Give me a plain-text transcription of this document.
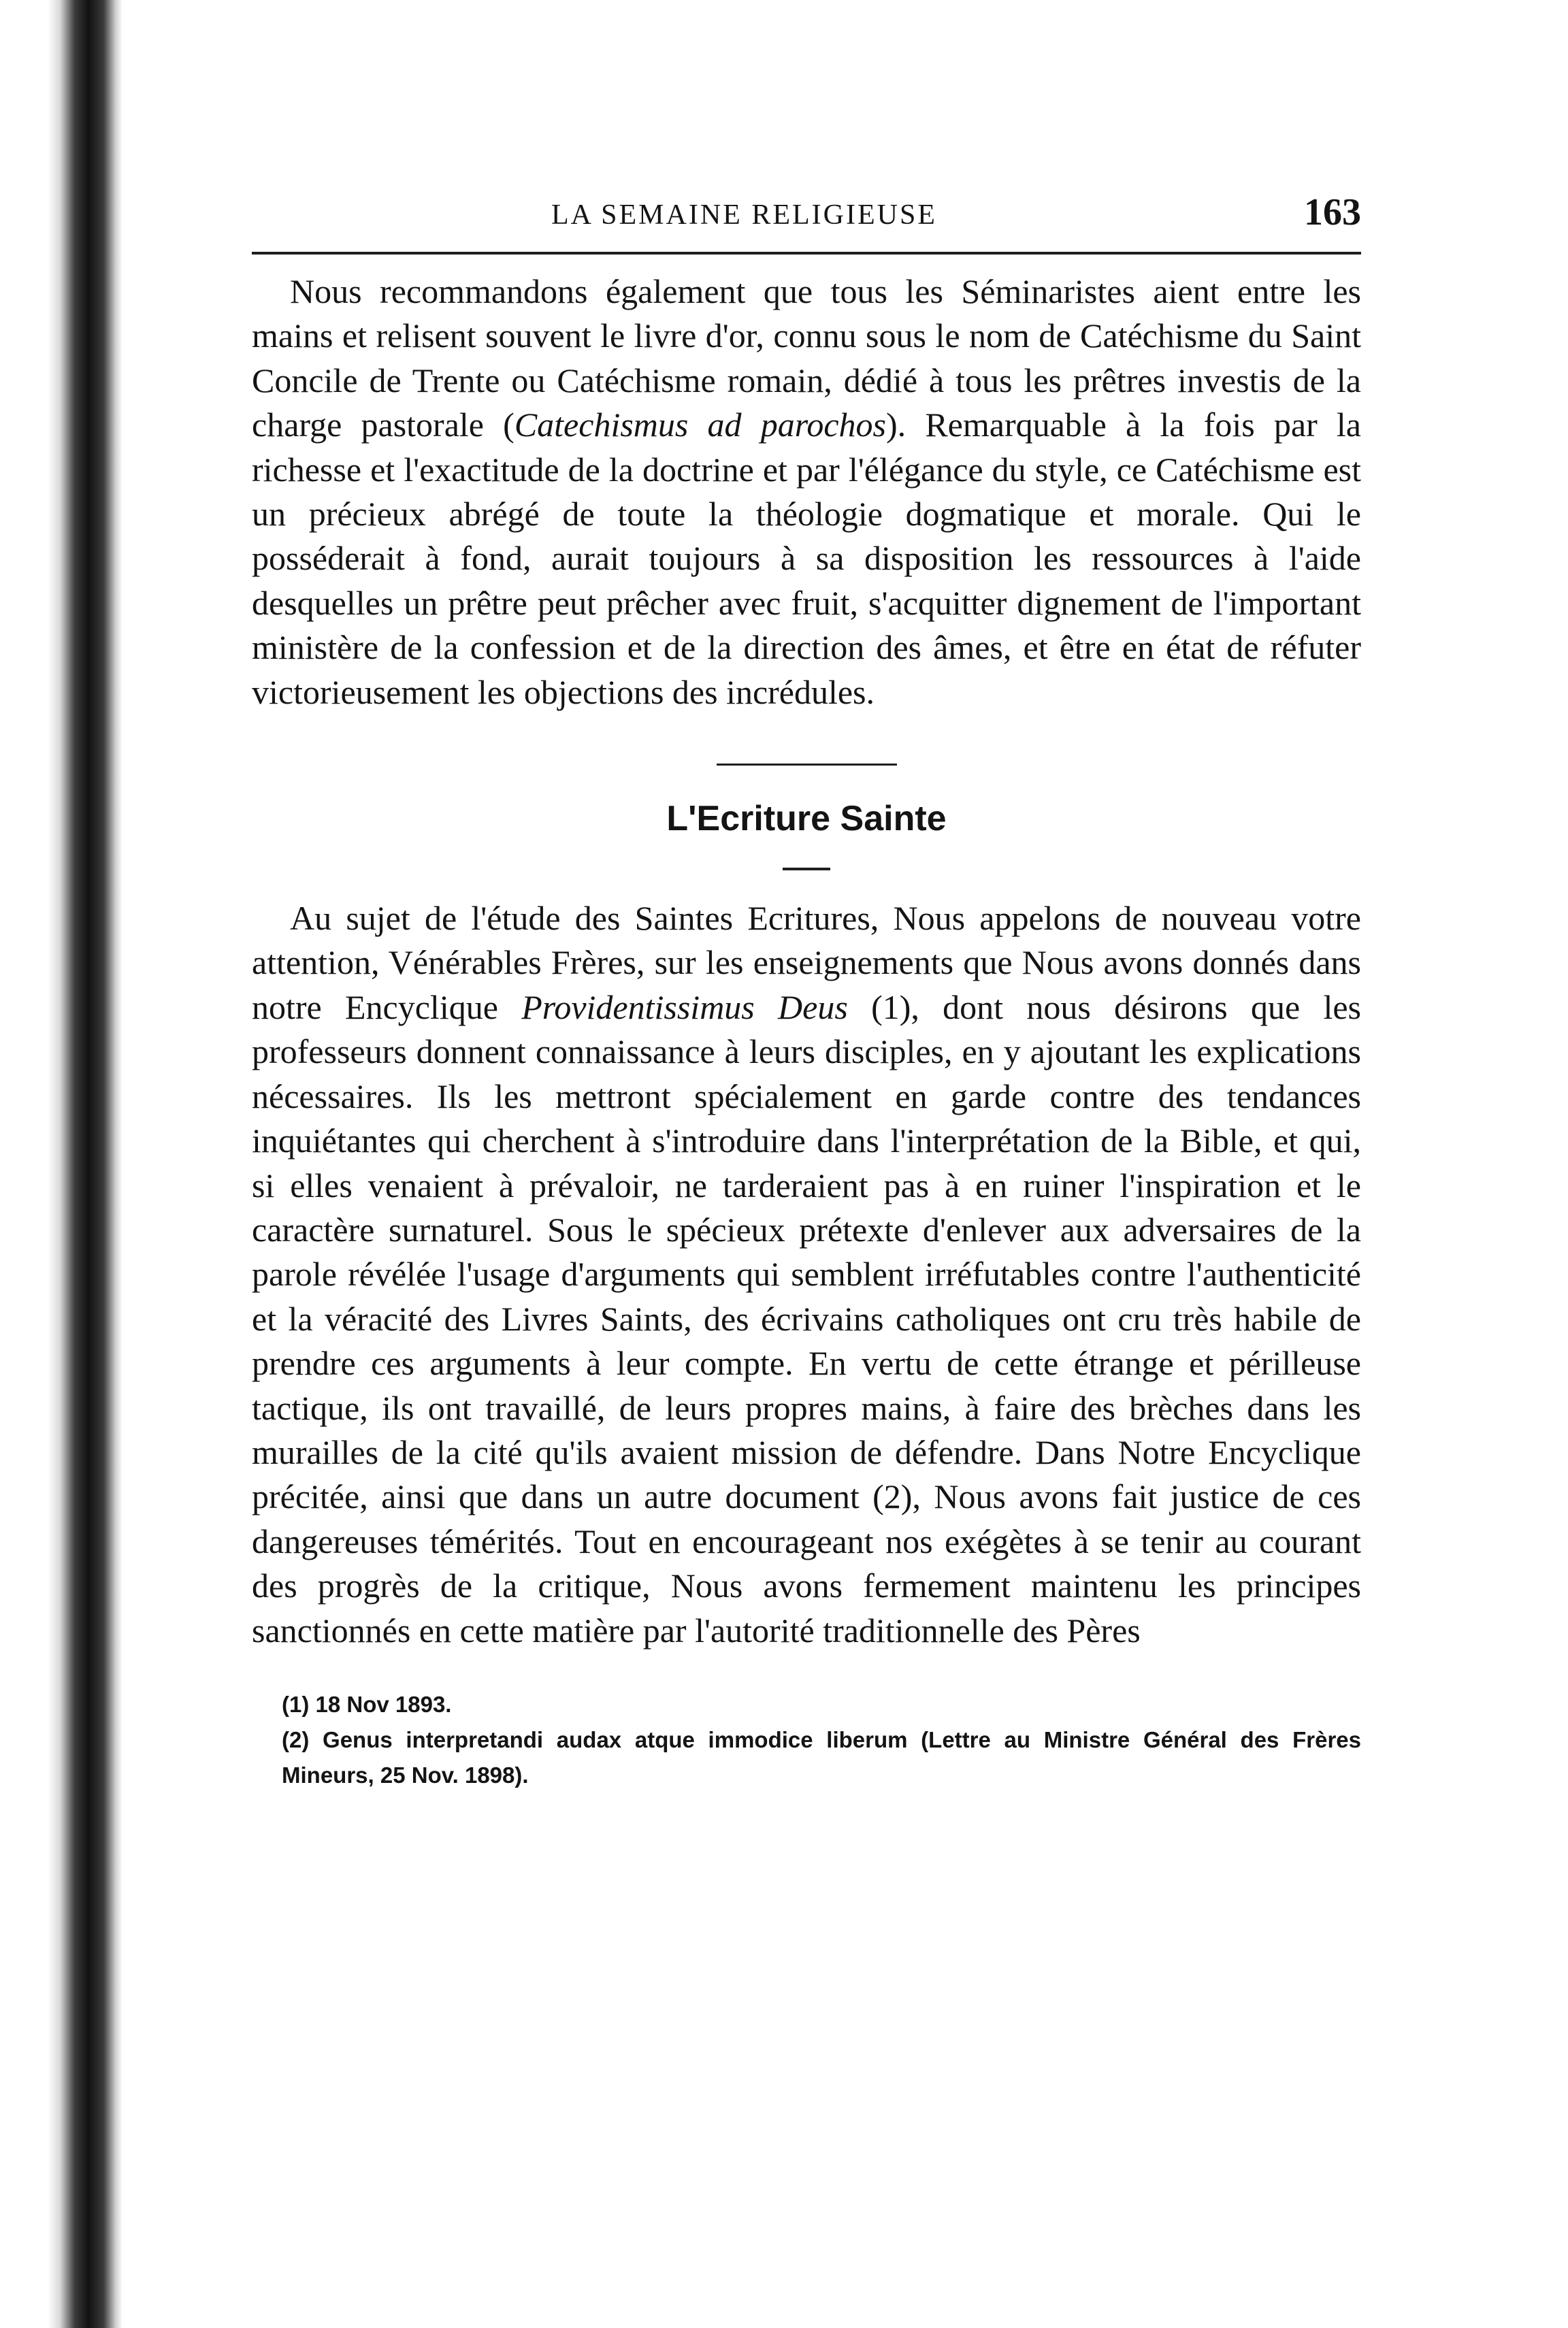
LA SEMAINE RELIGIEUSE	163

Nous recommandons également que tous les Séminaristes aient entre les mains et relisent souvent le livre d'or, connu sous le nom de Catéchisme du Saint Concile de Trente ou Catéchisme romain, dédié à tous les prêtres investis de la charge pastorale (Catechismus ad parochos). Remarquable à la fois par la richesse et l'exactitude de la doctrine et par l'élégance du style, ce Catéchisme est un précieux abrégé de toute la théologie dogmatique et morale. Qui le posséderait à fond, aurait toujours à sa disposition les ressources à l'aide desquelles un prêtre peut prêcher avec fruit, s'acquitter dignement de l'important ministère de la confession et de la direction des âmes, et être en état de réfuter victorieusement les objections des incrédules.

L'Ecriture Sainte

Au sujet de l'étude des Saintes Ecritures, Nous appelons de nouveau votre attention, Vénérables Frères, sur les enseignements que Nous avons donnés dans notre Encyclique Providentissimus Deus (1), dont nous désirons que les professeurs donnent connaissance à leurs disciples, en y ajoutant les explications nécessaires. Ils les mettront spécialement en garde contre des tendances inquiétantes qui cherchent à s'introduire dans l'interprétation de la Bible, et qui, si elles venaient à prévaloir, ne tarderaient pas à en ruiner l'inspiration et le caractère surnaturel. Sous le spécieux prétexte d'enlever aux adversaires de la parole révélée l'usage d'arguments qui semblent irréfutables contre l'authenticité et la véracité des Livres Saints, des écrivains catholiques ont cru très habile de prendre ces arguments à leur compte. En vertu de cette étrange et périlleuse tactique, ils ont travaillé, de leurs propres mains, à faire des brèches dans les murailles de la cité qu'ils avaient mission de défendre. Dans Notre Encyclique précitée, ainsi que dans un autre document (2), Nous avons fait justice de ces dangereuses témérités. Tout en encourageant nos exégètes à se tenir au courant des progrès de la critique, Nous avons fermement maintenu les principes sanctionnés en cette matière par l'autorité traditionnelle des Pères

(1) 18 Nov 1893.

(2) Genus interpretandi audax atque immodice liberum (Lettre au Ministre Général des Frères Mineurs, 25 Nov. 1898).
